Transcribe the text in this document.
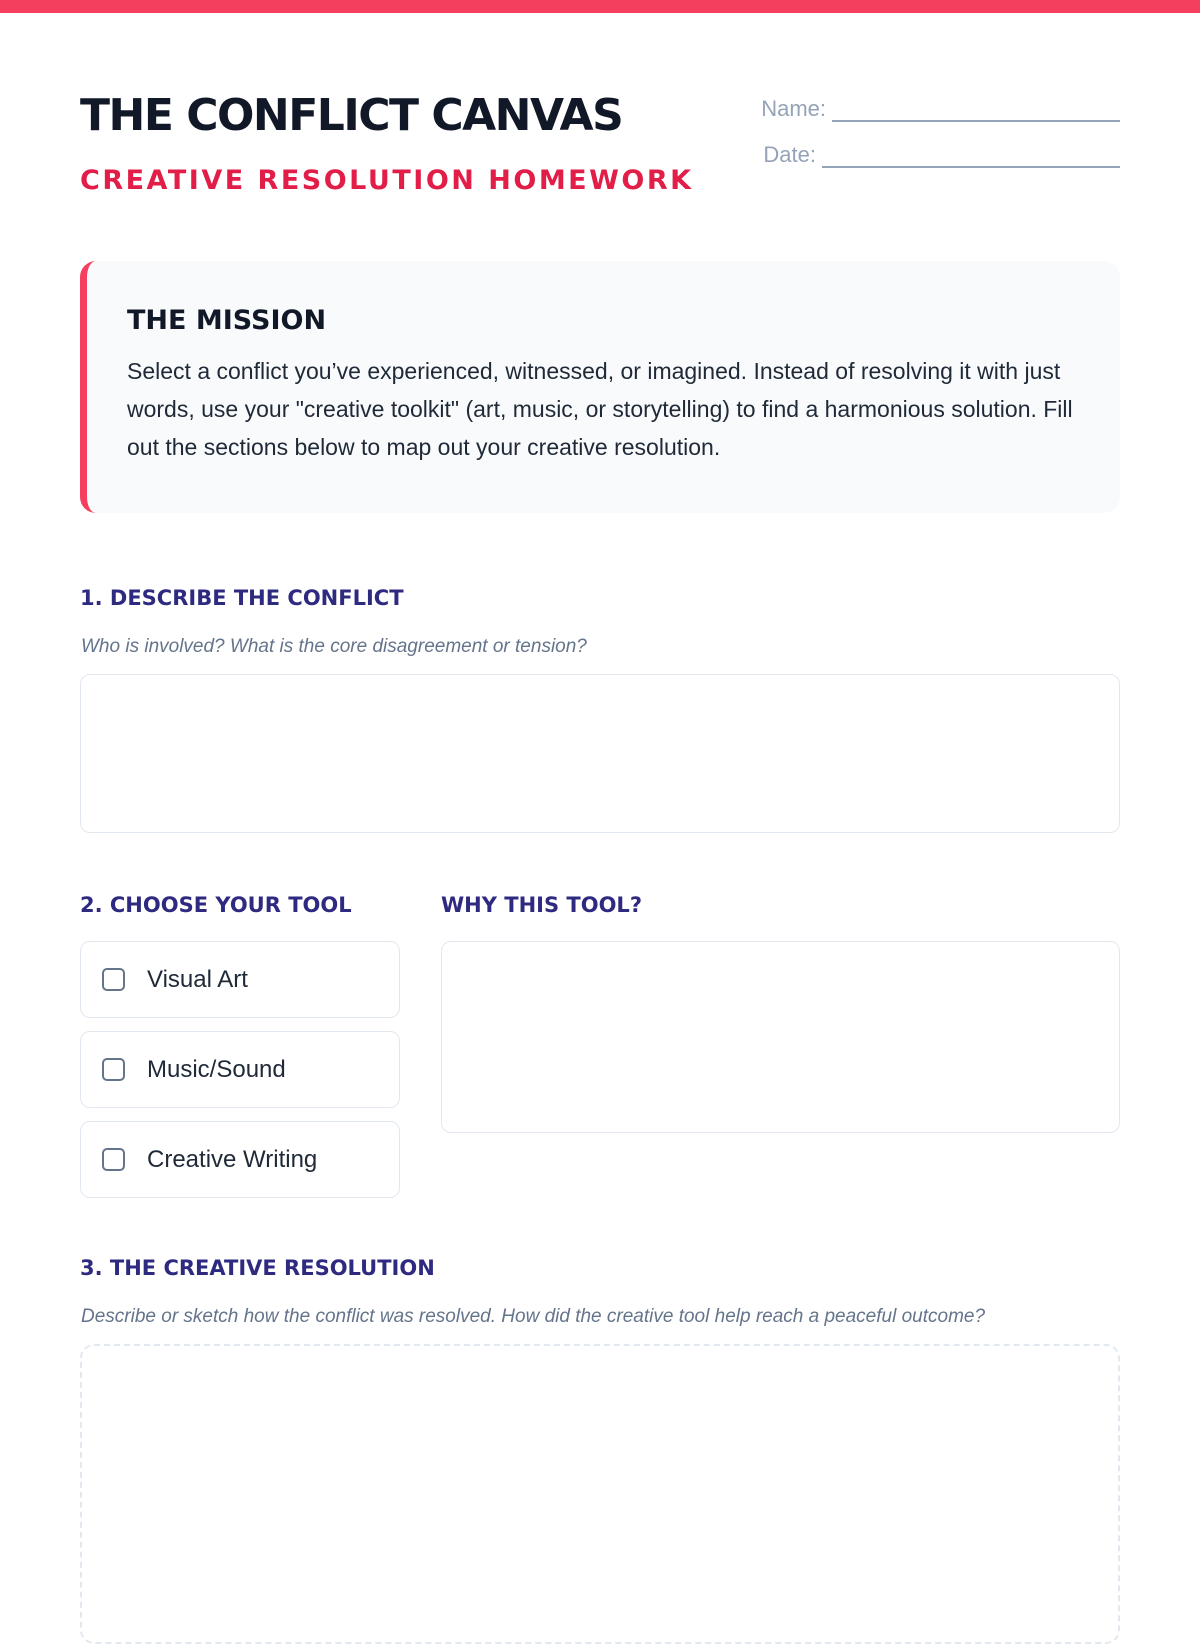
THE CONFLICT CANVAS
CREATIVE RESOLUTION HOMEWORK
Name:
Date:
THE MISSION

Select a conflict you’ve experienced, witnessed, or imagined. Instead of resolving it with just words, use your "creative toolkit" (art, music, or storytelling) to find a harmonious solution. Fill out the sections below to map out your creative resolution.

1. DESCRIBE THE CONFLICT

Who is involved? What is the core disagreement or tension?

2. CHOOSE YOUR TOOL	WHY THIS TOOL?
Visual Art
Music/Sound
Creative Writing
3. THE CREATIVE RESOLUTION

Describe or sketch how the conflict was resolved. How did the creative tool help reach a peaceful outcome?
